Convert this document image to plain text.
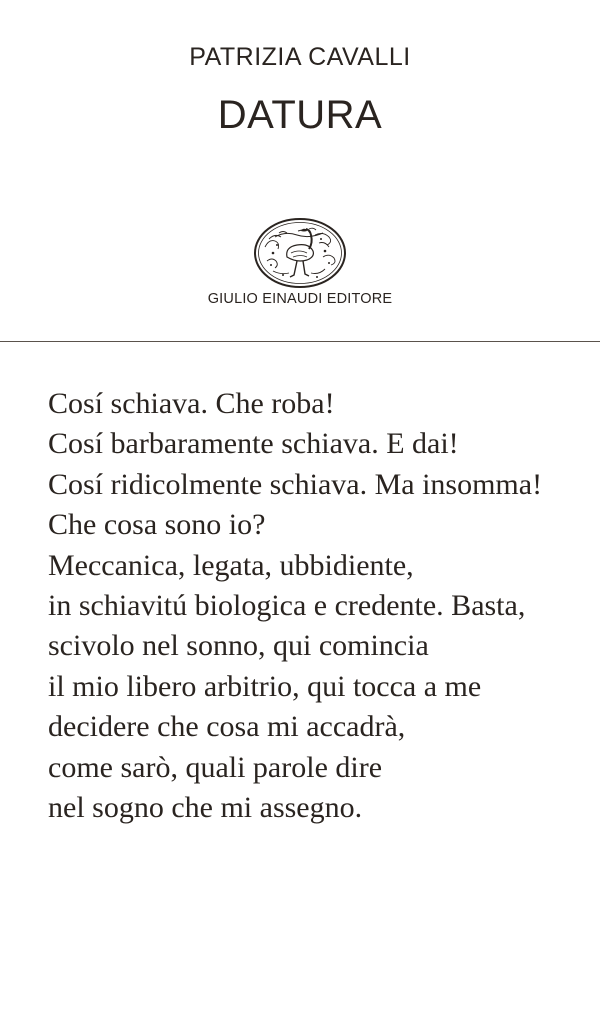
PATRIZIA CAVALLI
DATURA
GIULIO EINAUDI EDITORE
Cosí schiava. Che roba!
Cosí barbaramente schiava. E dai!
Cosí ridicolmente schiava. Ma insomma!
Che cosa sono io?
Meccanica, legata, ubbidiente,
in schiavitú biologica e credente. Basta,
scivolo nel sonno, qui comincia
il mio libero arbitrio, qui tocca a me
decidere che cosa mi accadrà,
come sarò, quali parole dire
nel sogno che mi assegno.
